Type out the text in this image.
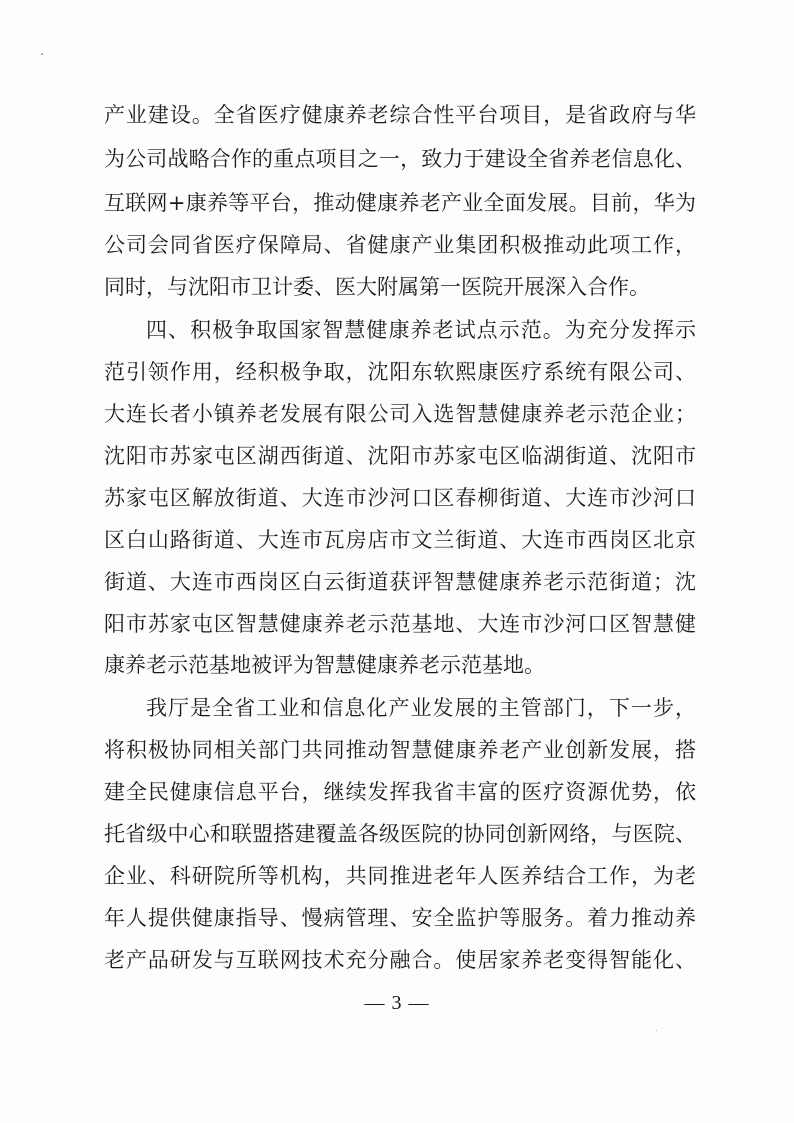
产业建设。全省医疗健康养老综合性平台项目，是省政府与华
为公司战略合作的重点项目之一，致力于建设全省养老信息化、
互联网+康养等平台，推动健康养老产业全面发展。目前，华为
公司会同省医疗保障局、省健康产业集团积极推动此项工作，
同时，与沈阳市卫计委、医大附属第一医院开展深入合作。
四、积极争取国家智慧健康养老试点示范。为充分发挥示
范引领作用，经积极争取，沈阳东软熙康医疗系统有限公司、
大连长者小镇养老发展有限公司入选智慧健康养老示范企业；
沈阳市苏家屯区湖西街道、沈阳市苏家屯区临湖街道、沈阳市
苏家屯区解放街道、大连市沙河口区春柳街道、大连市沙河口
区白山路街道、大连市瓦房店市文兰街道、大连市西岗区北京
街道、大连市西岗区白云街道获评智慧健康养老示范街道；沈
阳市苏家屯区智慧健康养老示范基地、大连市沙河口区智慧健
康养老示范基地被评为智慧健康养老示范基地。
我厅是全省工业和信息化产业发展的主管部门，下一步，
将积极协同相关部门共同推动智慧健康养老产业创新发展，搭
建全民健康信息平台，继续发挥我省丰富的医疗资源优势，依
托省级中心和联盟搭建覆盖各级医院的协同创新网络，与医院、
企业、科研院所等机构，共同推进老年人医养结合工作，为老
年人提供健康指导、慢病管理、安全监护等服务。着力推动养
老产品研发与互联网技术充分融合。使居家养老变得智能化、
— 3 —
